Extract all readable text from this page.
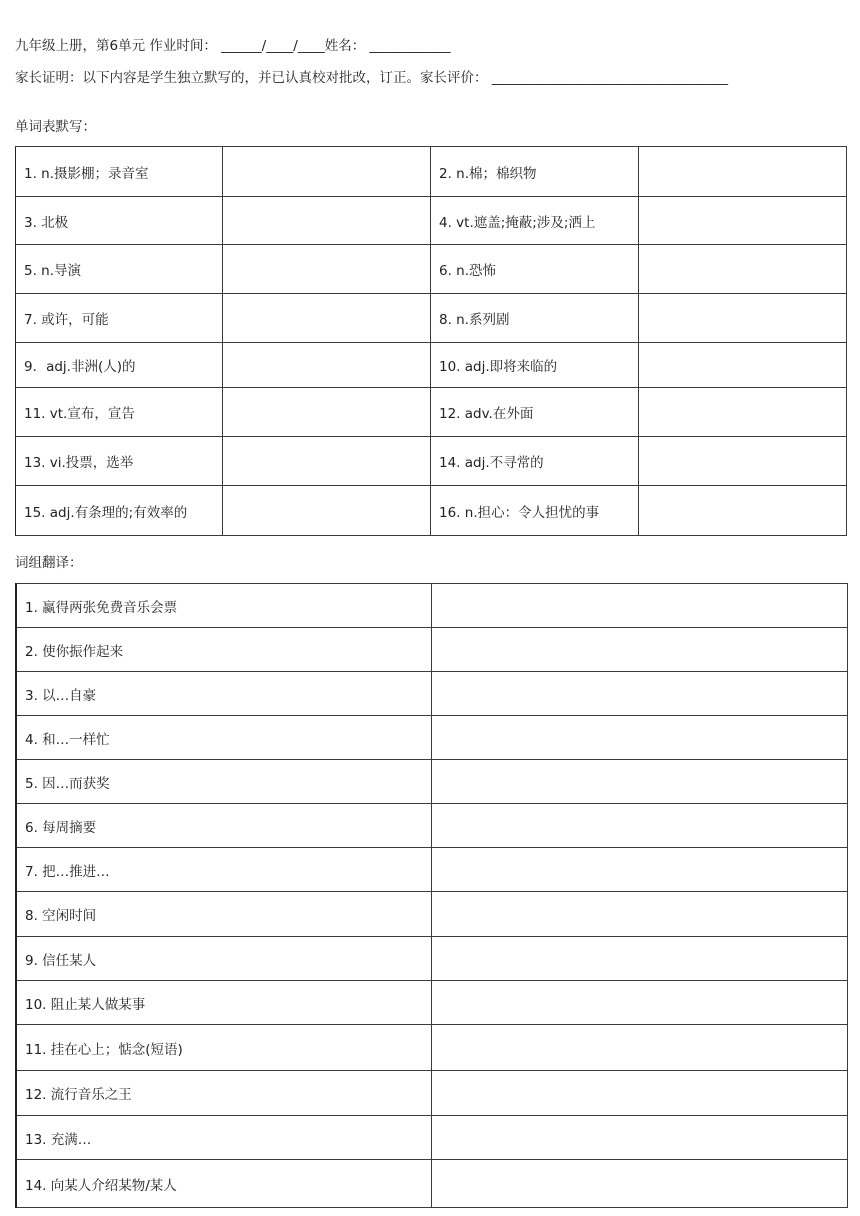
九年级上册，第6单元 作业时间： ______/____/____姓名： ____________
家长证明：以下内容是学生独立默写的，并已认真校对批改，订正。家长评价： ___________________________________
单词表默写：
1. n.摄影棚；录音室		2. n.棉；棉织物	
3. 北极		4. vt.遮盖;掩蔽;涉及;洒上	
5. n.导演		6. n.恐怖	
7. 或许，可能		8. n.系列剧	
9．adj.非洲(人)的		10. adj.即将来临的	
11. vt.宣布，宣告		12. adv.在外面	
13. vi.投票，选举		14. adj.不寻常的	
15. adj.有条理的;有效率的		16. n.担心：令人担忧的事	
词组翻译：
1. 赢得两张免费音乐会票	
2. 使你振作起来	
3. 以…自豪	
4. 和…一样忙	
5. 因…而获奖	
6. 每周摘要	
7. 把…推进…	
8. 空闲时间	
9. 信任某人	
10. 阻止某人做某事	
11. 挂在心上；惦念(短语)	
12. 流行音乐之王	
13. 充满…	
14. 向某人介绍某物/某人	
